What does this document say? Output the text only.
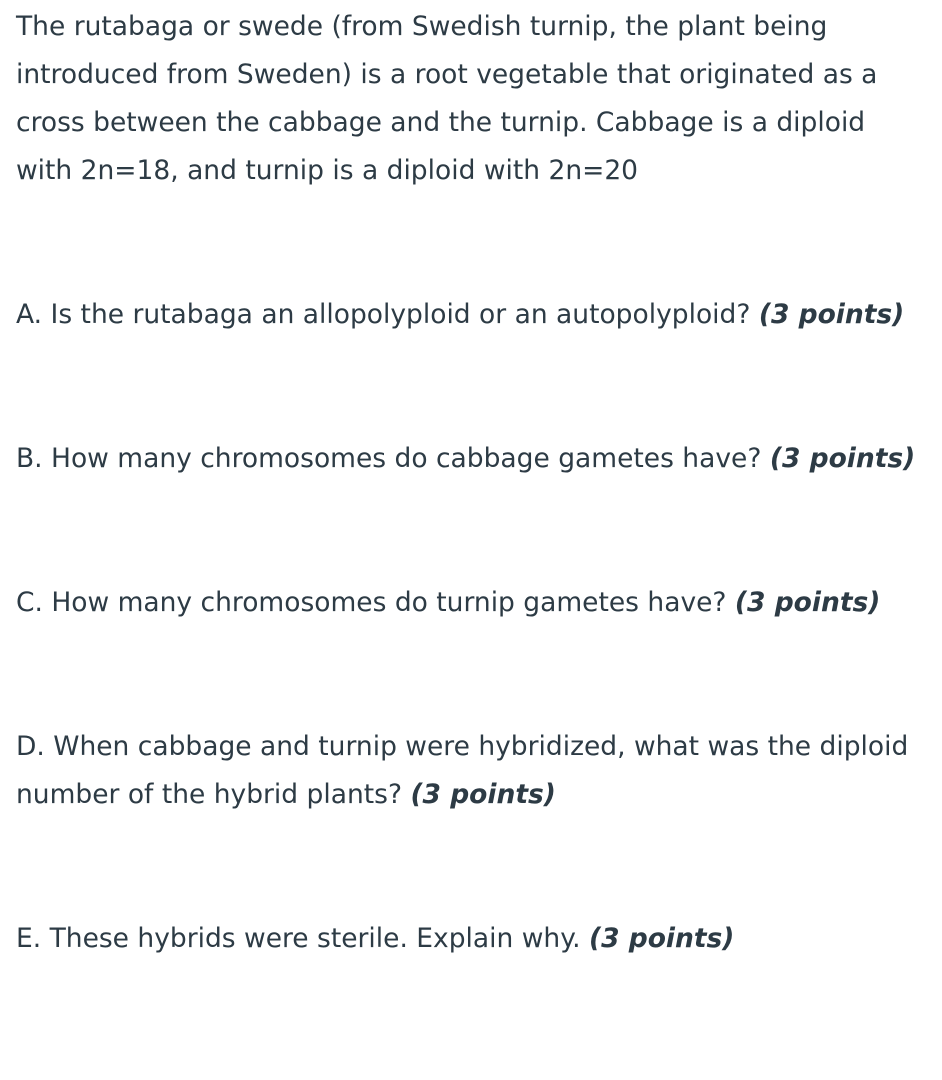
The rutabaga or swede (from Swedish turnip, the plant being introduced from Sweden) is a root vegetable that originated as a cross between the cabbage and the turnip. Cabbage is a diploid with 2n=18, and turnip is a diploid with 2n=20

A. Is the rutabaga an allopolyploid or an autopolyploid? (3 points)

B. How many chromosomes do cabbage gametes have? (3 points)

C. How many chromosomes do turnip gametes have? (3 points)

D. When cabbage and turnip were hybridized, what was the diploid number of the hybrid plants? (3 points)

E. These hybrids were sterile. Explain why. (3 points)
